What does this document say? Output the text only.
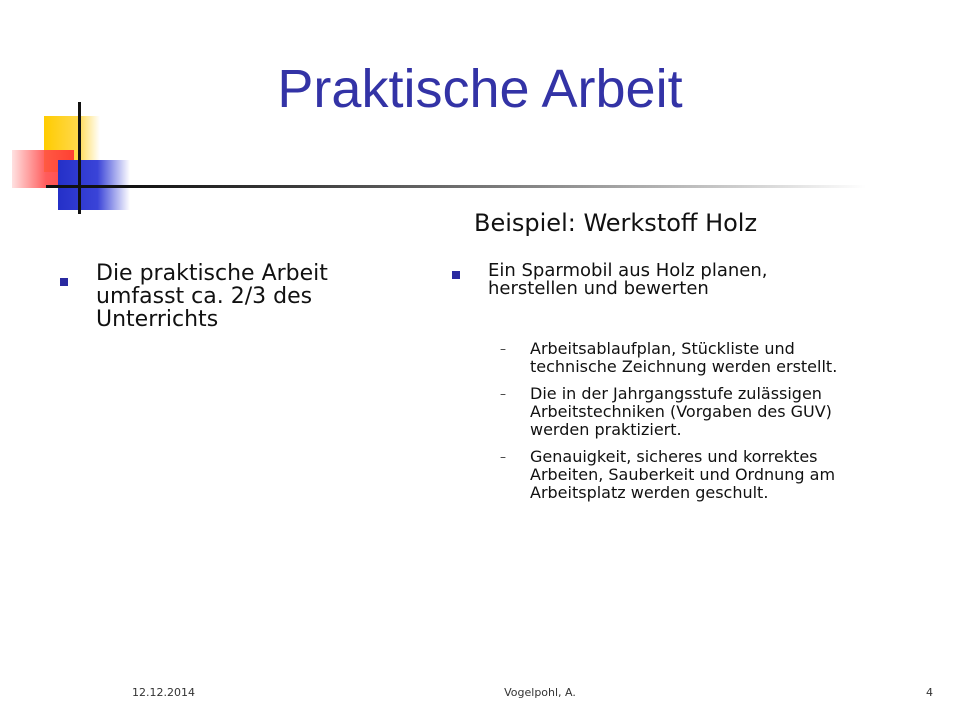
Praktische Arbeit
Beispiel: Werkstoff Holz
Die praktische Arbeit
umfasst ca. 2/3 des
Unterrichts
Ein Sparmobil aus Holz planen,
herstellen und bewerten
– Arbeitsablaufplan, Stückliste und
technische Zeichnung werden erstellt.
– Die in der Jahrgangsstufe zulässigen
Arbeitstechniken (Vorgaben des GUV)
werden praktiziert.
– Genauigkeit, sicheres und korrektes
Arbeiten, Sauberkeit und Ordnung am
Arbeitsplatz werden geschult.
12.12.2014	Vogelpohl, A.	4
